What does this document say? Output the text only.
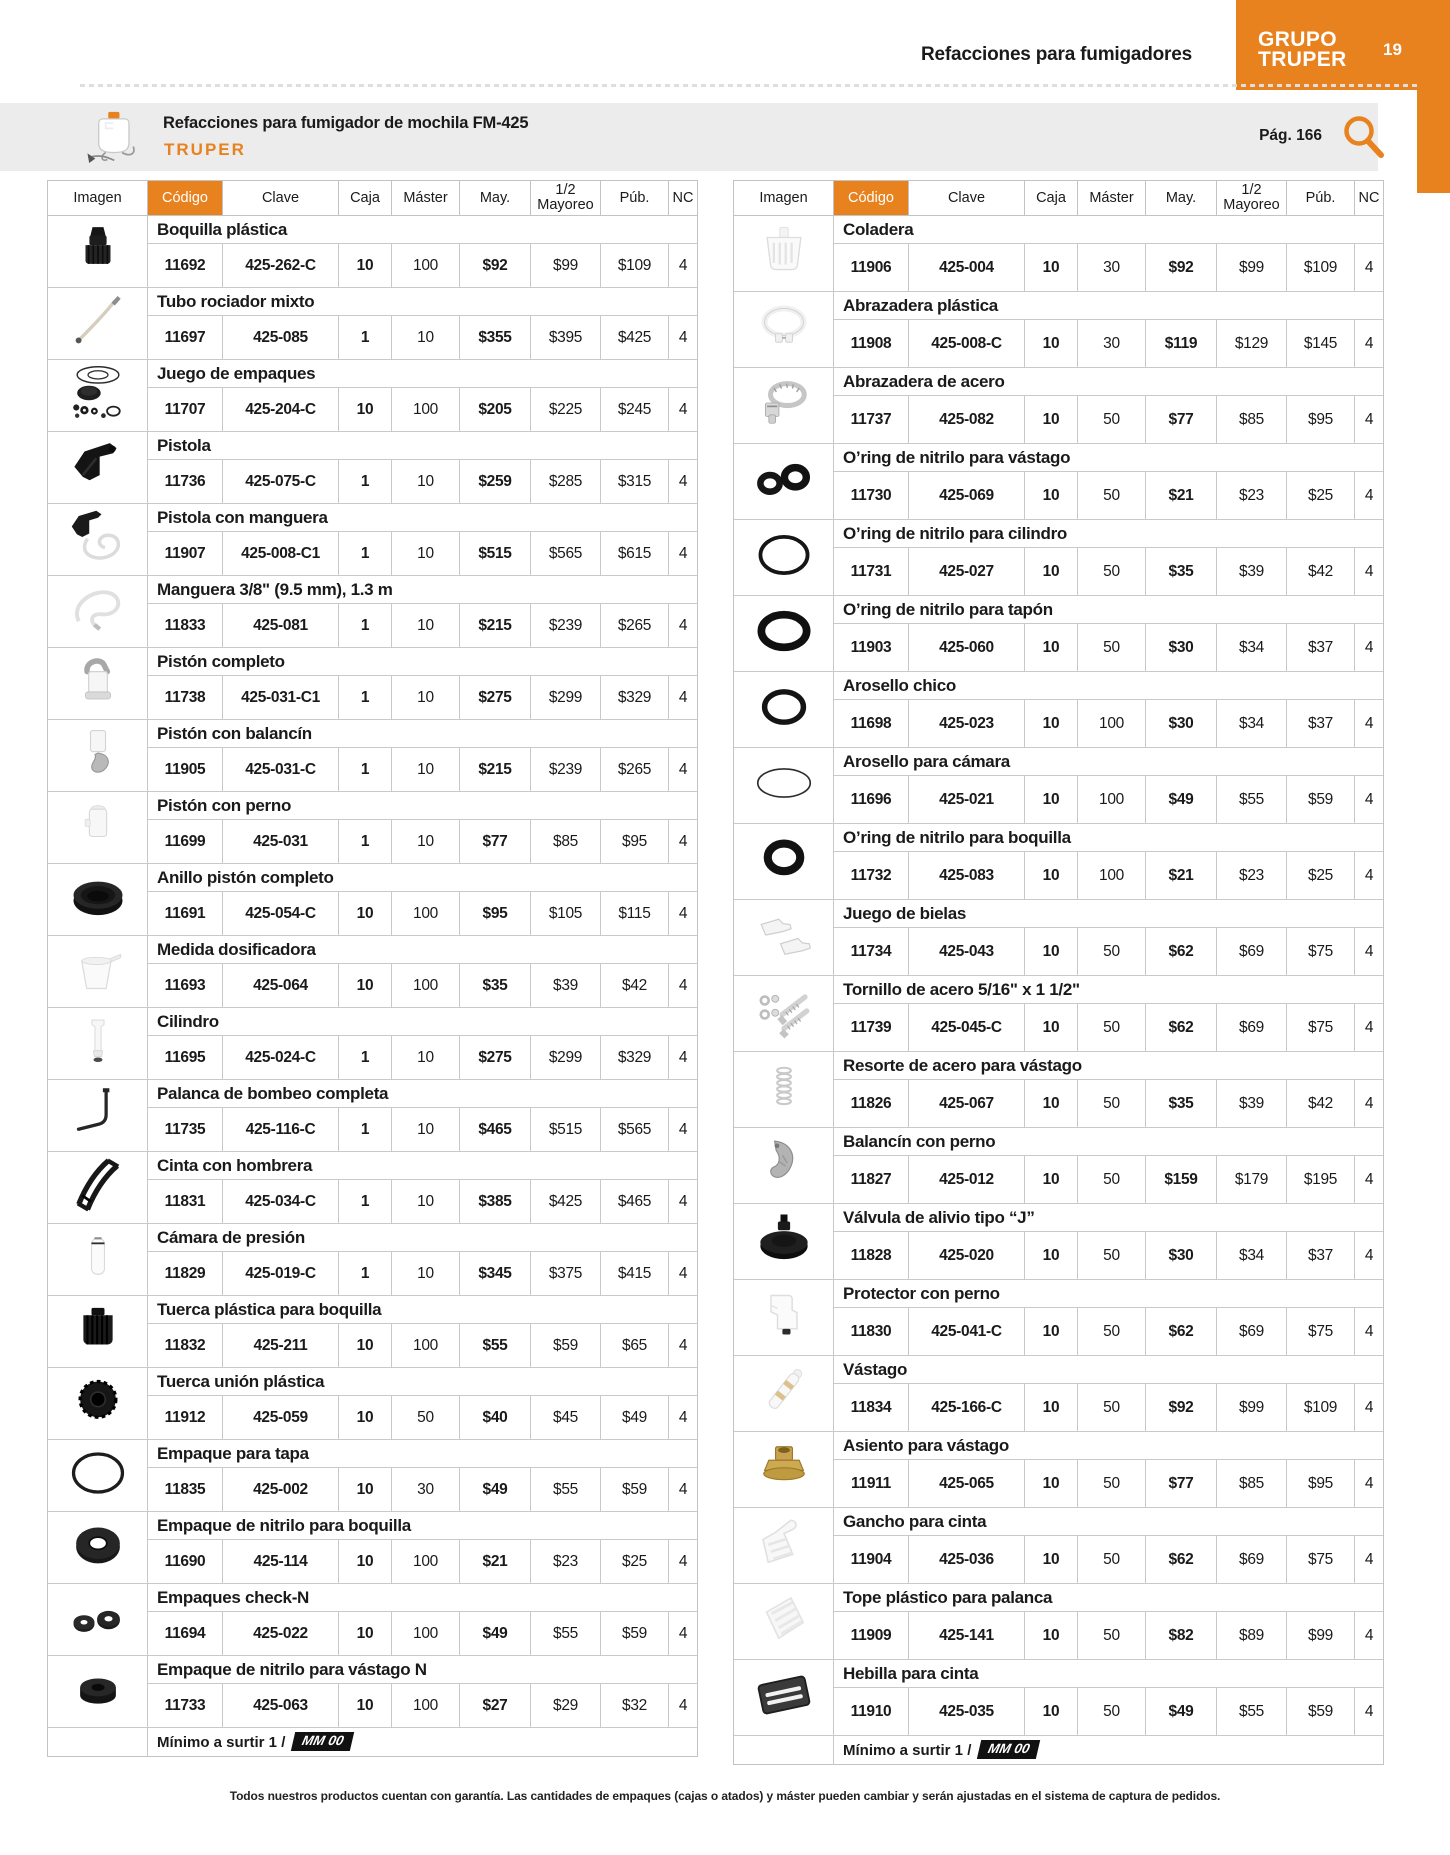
Refacciones para fumigadores
GRUPO
TRUPER 19
Refacciones para fumigador de mochila FM-425
TRUPER
Pág. 166
Imagen	Código	Clave	Caja	Máster	May.	1/2 Mayoreo	Púb.	NC
Boquilla plástica
11692	425-262-C	10	100	$92	$99	$109	4
Tubo rociador mixto
11697	425-085	1	10	$355	$395	$425	4
Juego de empaques
11707	425-204-C	10	100	$205	$225	$245	4
Pistola
11736	425-075-C	1	10	$259	$285	$315	4
Pistola con manguera
11907	425-008-C1	1	10	$515	$565	$615	4
Manguera 3/8" (9.5 mm), 1.3 m
11833	425-081	1	10	$215	$239	$265	4
Pistón completo
11738	425-031-C1	1	10	$275	$299	$329	4
Pistón con balancín
11905	425-031-C	1	10	$215	$239	$265	4
Pistón con perno
11699	425-031	1	10	$77	$85	$95	4
Anillo pistón completo
11691	425-054-C	10	100	$95	$105	$115	4
Medida dosificadora
11693	425-064	10	100	$35	$39	$42	4
Cilindro
11695	425-024-C	1	10	$275	$299	$329	4
Palanca de bombeo completa
11735	425-116-C	1	10	$465	$515	$565	4
Cinta con hombrera
11831	425-034-C	1	10	$385	$425	$465	4
Cámara de presión
11829	425-019-C	1	10	$345	$375	$415	4
Tuerca plástica para boquilla
11832	425-211	10	100	$55	$59	$65	4
Tuerca unión plástica
11912	425-059	10	50	$40	$45	$49	4
Empaque para tapa
11835	425-002	10	30	$49	$55	$59	4
Empaque de nitrilo para boquilla
11690	425-114	10	100	$21	$23	$25	4
Empaques check-N
11694	425-022	10	100	$49	$55	$59	4
Empaque de nitrilo para vástago N
11733	425-063	10	100	$27	$29	$32	4
Mínimo a surtir 1 /	MM 00
Imagen	Código	Clave	Caja	Máster	May.	1/2 Mayoreo	Púb.	NC
Coladera
11906	425-004	10	30	$92	$99	$109	4
Abrazadera plástica
11908	425-008-C	10	30	$119	$129	$145	4
Abrazadera de acero
11737	425-082	10	50	$77	$85	$95	4
O’ring de nitrilo para vástago
11730	425-069	10	50	$21	$23	$25	4
O’ring de nitrilo para cilindro
11731	425-027	10	50	$35	$39	$42	4
O’ring de nitrilo para tapón
11903	425-060	10	50	$30	$34	$37	4
Arosello chico
11698	425-023	10	100	$30	$34	$37	4
Arosello para cámara
11696	425-021	10	100	$49	$55	$59	4
O’ring de nitrilo para boquilla
11732	425-083	10	100	$21	$23	$25	4
Juego de bielas
11734	425-043	10	50	$62	$69	$75	4
Tornillo de acero 5/16" x 1 1/2"
11739	425-045-C	10	50	$62	$69	$75	4
Resorte de acero para vástago
11826	425-067	10	50	$35	$39	$42	4
Balancín con perno
11827	425-012	10	50	$159	$179	$195	4
Válvula de alivio tipo “J”
11828	425-020	10	50	$30	$34	$37	4
Protector con perno
11830	425-041-C	10	50	$62	$69	$75	4
Vástago
11834	425-166-C	10	50	$92	$99	$109	4
Asiento para vástago
11911	425-065	10	50	$77	$85	$95	4
Gancho para cinta
11904	425-036	10	50	$62	$69	$75	4
Tope plástico para palanca
11909	425-141	10	50	$82	$89	$99	4
Hebilla para cinta
11910	425-035	10	50	$49	$55	$59	4
Mínimo a surtir 1 /	MM 00
Todos nuestros productos cuentan con garantía. Las cantidades de empaques (cajas o atados) y máster pueden cambiar y serán ajustadas en el sistema de captura de pedidos.
